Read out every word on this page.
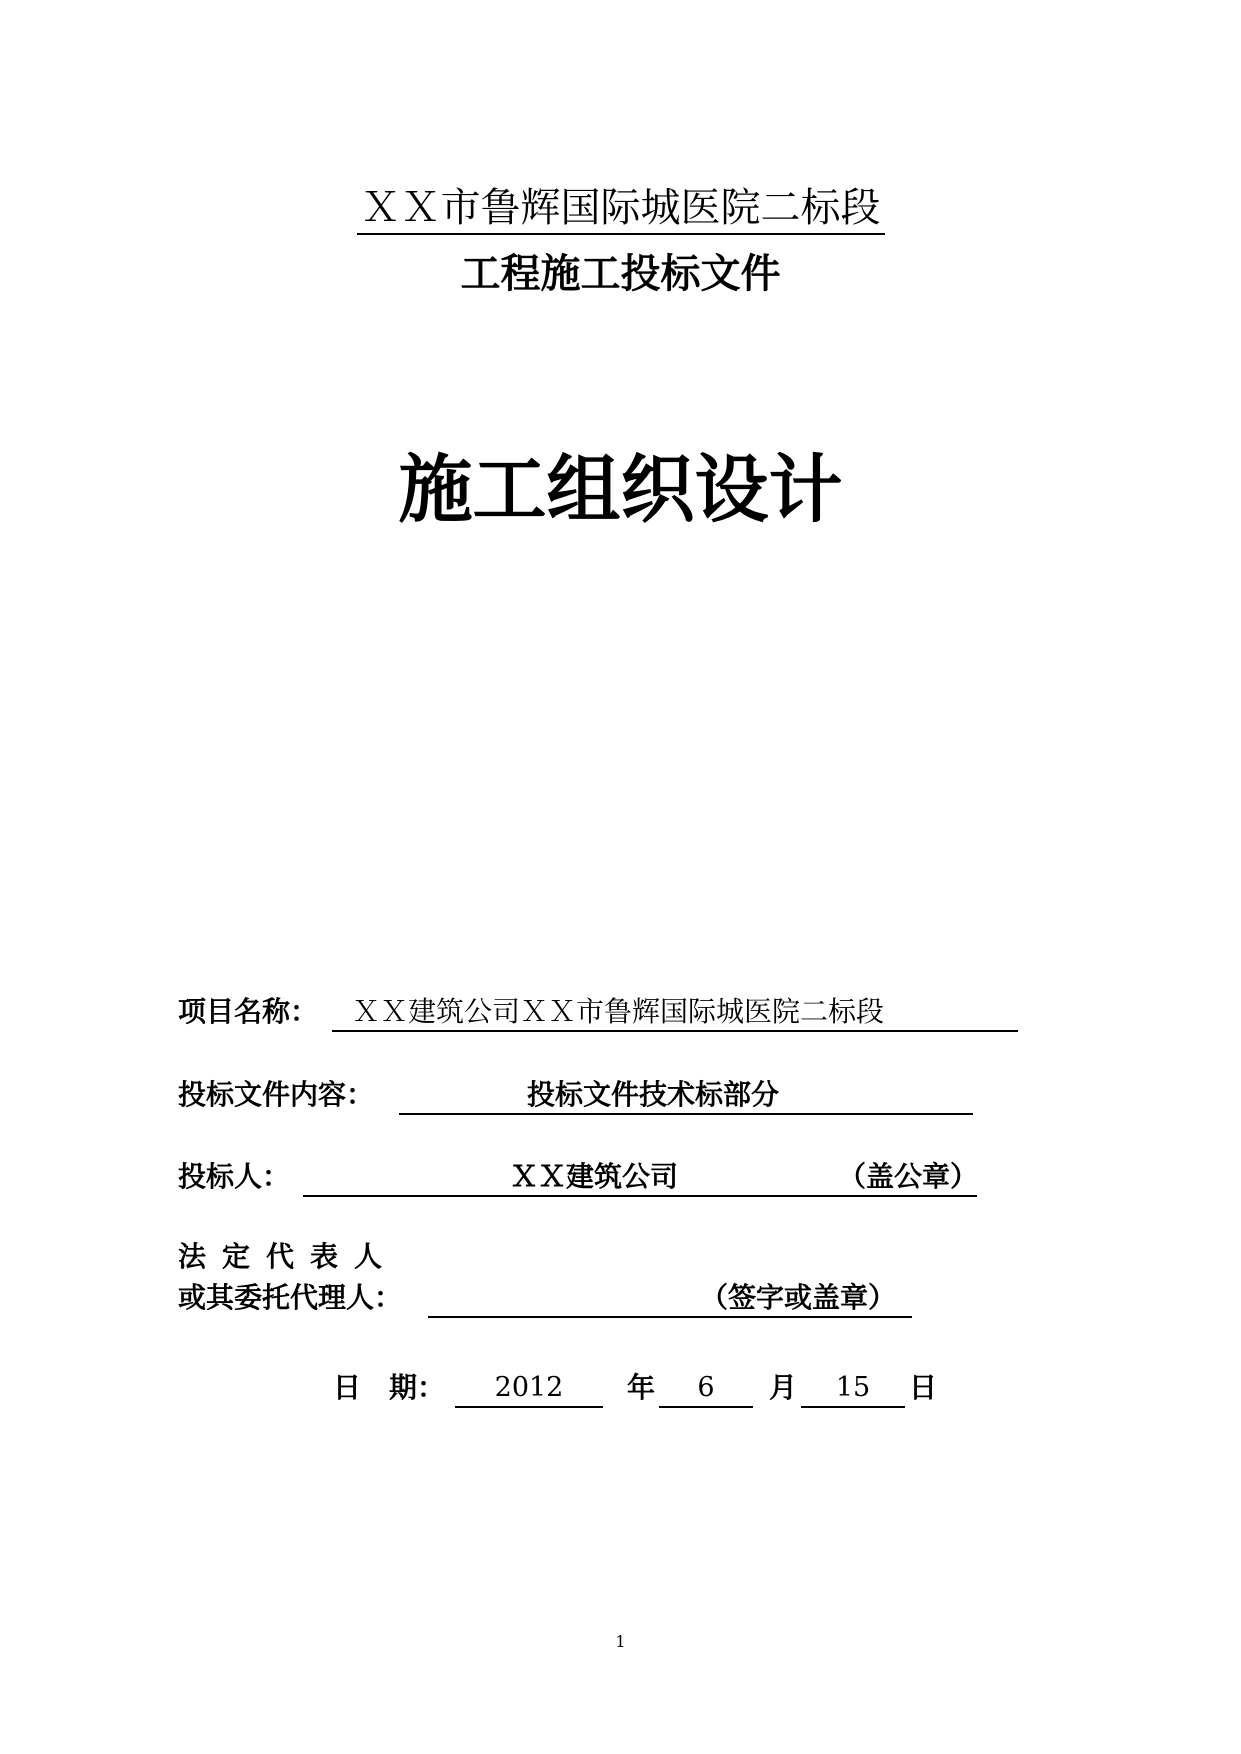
ＸＸ市鲁辉国际城医院二标段
工程施工投标文件
施工组织设计
项目名称： ＸＸ建筑公司ＸＸ市鲁辉国际城医院二标段
投标文件内容：	投标文件技术标部分
投标人：	ＸＸ建筑公司	（盖公章）
法定代表人
或其委托代理人：	（签字或盖章）
日　期：	2012	年	6	月	15	日
1
